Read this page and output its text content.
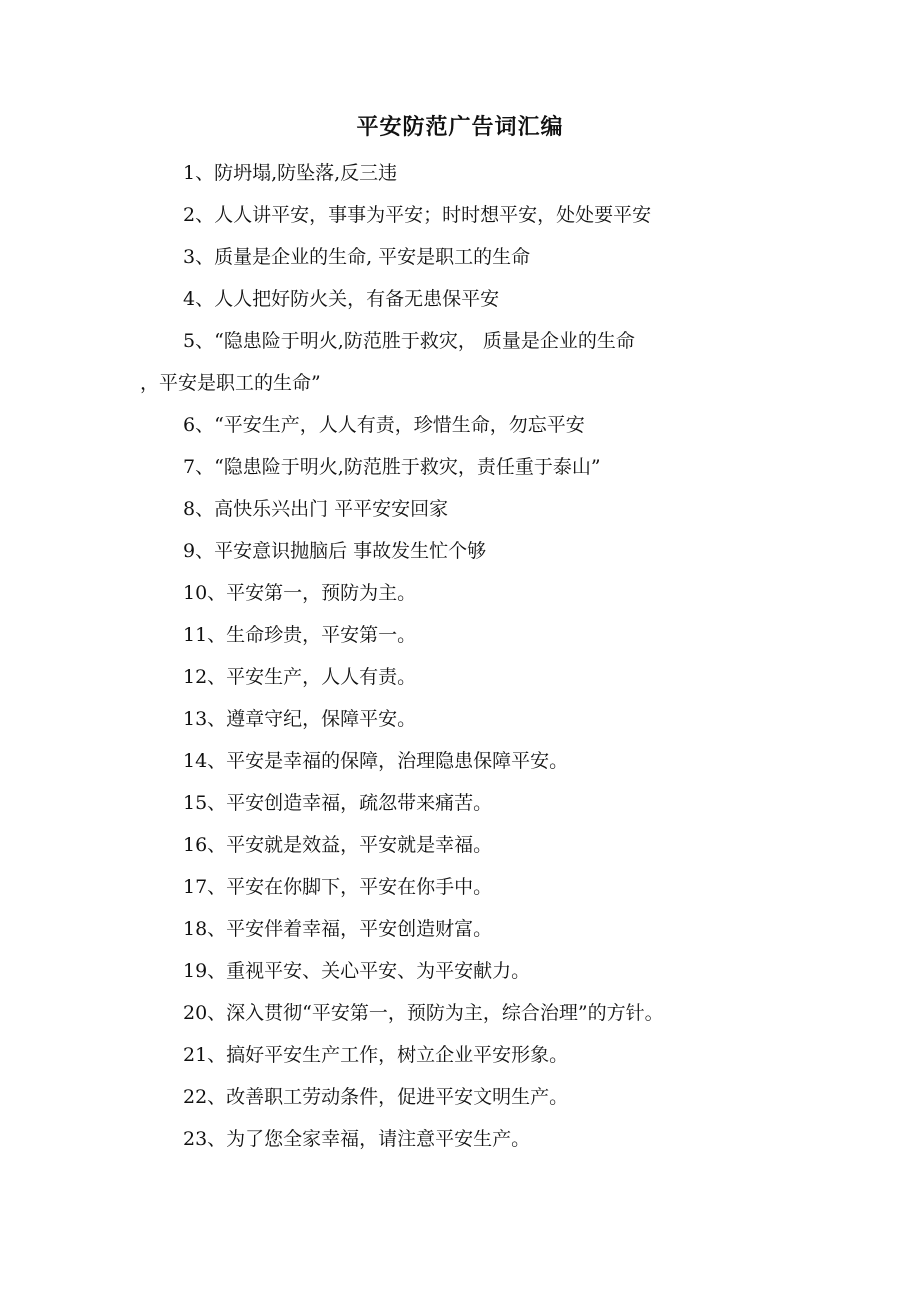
平安防范广告词汇编
1、防坍塌,防坠落,反三违
2、人人讲平安，事事为平安；时时想平安，处处要平安
3、质量是企业的生命, 平安是职工的生命
4、人人把好防火关，有备无患保平安
5、“隐患险于明火,防范胜于救灾， 质量是企业的生命
，平安是职工的生命”
6、“平安生产，人人有责，珍惜生命，勿忘平安
7、“隐患险于明火,防范胜于救灾，责任重于泰山”
8、高快乐兴出门 平平安安回家
9、平安意识抛脑后 事故发生忙个够
10、平安第一，预防为主。
11、生命珍贵，平安第一。
12、平安生产，人人有责。
13、遵章守纪，保障平安。
14、平安是幸福的保障，治理隐患保障平安。
15、平安创造幸福，疏忽带来痛苦。
16、平安就是效益，平安就是幸福。
17、平安在你脚下，平安在你手中。
18、平安伴着幸福，平安创造财富。
19、重视平安、关心平安、为平安献力。
20、深入贯彻“平安第一，预防为主，综合治理”的方针。
21、搞好平安生产工作，树立企业平安形象。
22、改善职工劳动条件，促进平安文明生产。
23、为了您全家幸福，请注意平安生产。
